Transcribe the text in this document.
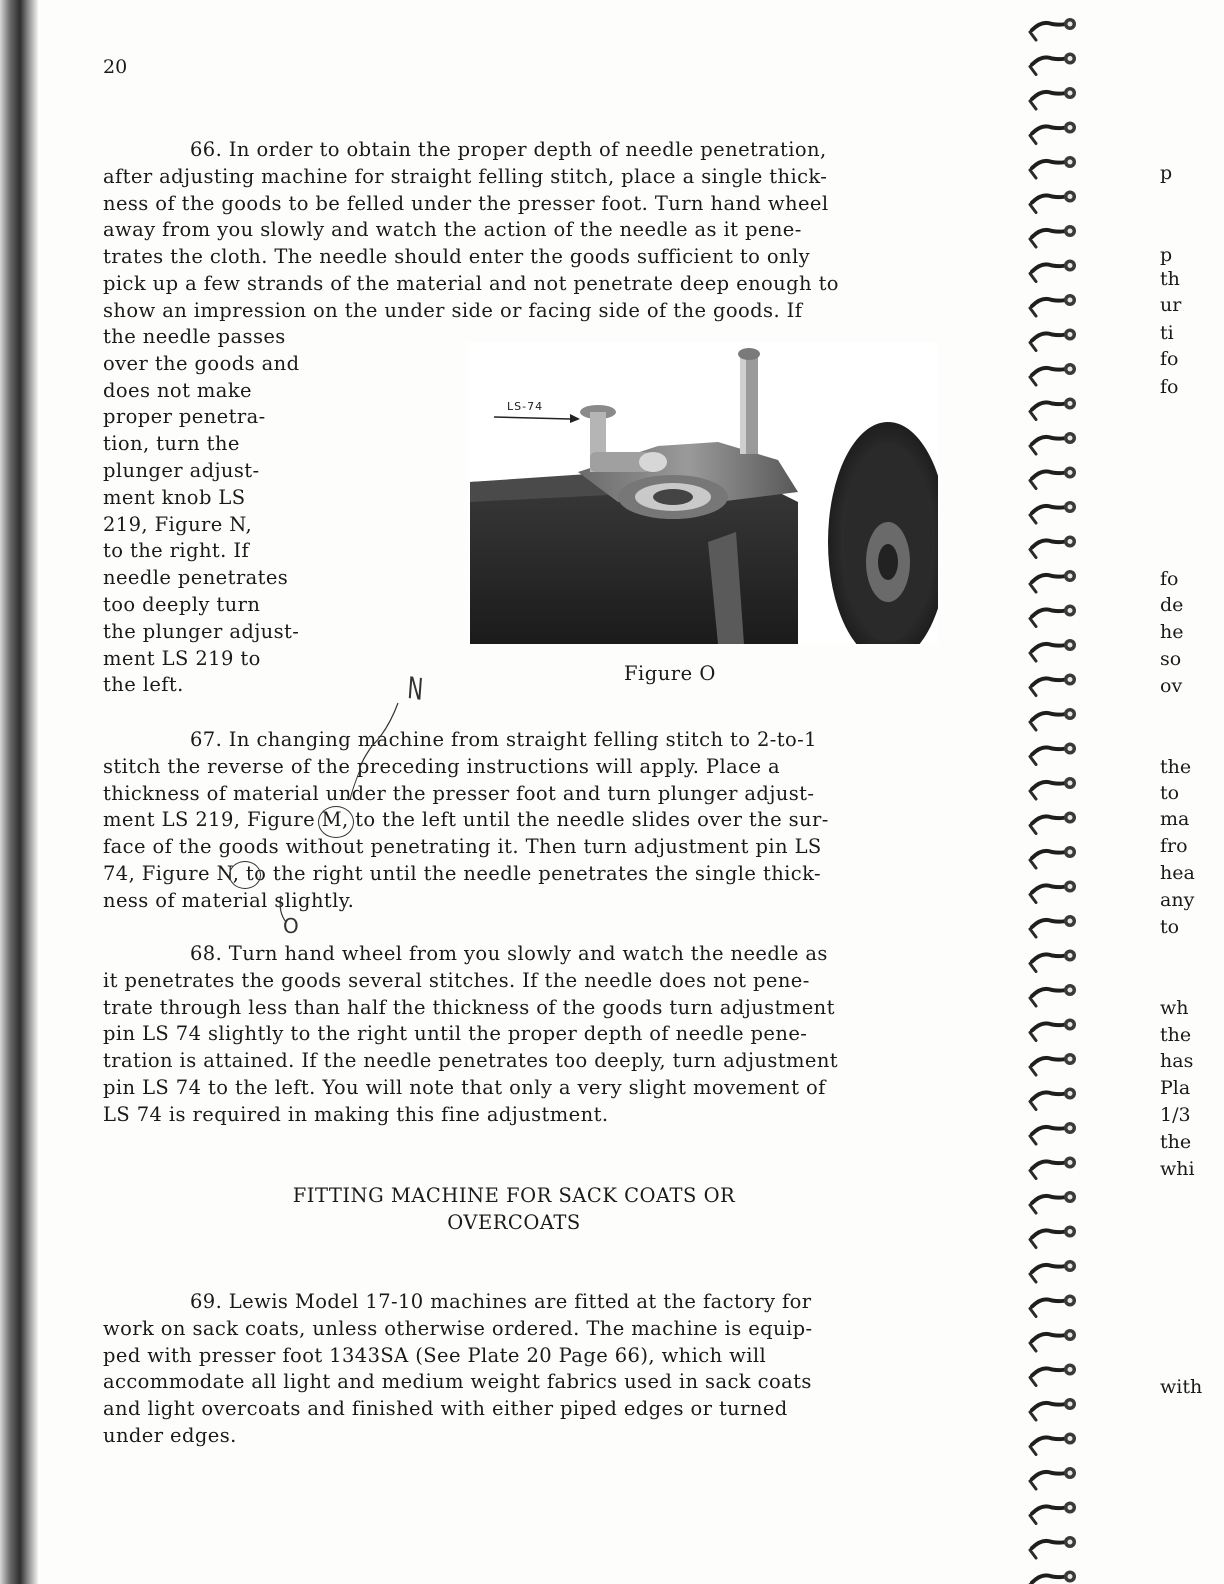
20
66. In order to obtain the proper depth of needle penetration,
after adjusting machine for straight felling stitch, place a single thick-
ness of the goods to be felled under the presser foot. Turn hand wheel
away from you slowly and watch the action of the needle as it pene-
trates the cloth. The needle should enter the goods sufficient to only
pick up a few strands of the material and not penetrate deep enough to
show an impression on the under side or facing side of the goods. If
the needle passes
over the goods and
does not make
proper penetra-
tion, turn the
plunger adjust-
ment knob LS
219, Figure N,
to the right. If
needle penetrates
too deeply turn
the plunger adjust-
ment LS 219 to
the left.
LS-74
Figure O
67. In changing machine from straight felling stitch to 2-to-1
stitch the reverse of the preceding instructions will apply. Place a
thickness of material under the presser foot and turn plunger adjust-
ment LS 219, Figure M, to the left until the needle slides over the sur-
face of the goods without penetrating it. Then turn adjustment pin LS
74, Figure N, to the right until the needle penetrates the single thick-
ness of material slightly.
N
O
68. Turn hand wheel from you slowly and watch the needle as
it penetrates the goods several stitches. If the needle does not pene-
trate through less than half the thickness of the goods turn adjustment
pin LS 74 slightly to the right until the proper depth of needle pene-
tration is attained. If the needle penetrates too deeply, turn adjustment
pin LS 74 to the left. You will note that only a very slight movement of
LS 74 is required in making this fine adjustment.
FITTING MACHINE FOR SACK COATS OR
OVERCOATS
69. Lewis Model 17-10 machines are fitted at the factory for
work on sack coats, unless otherwise ordered. The machine is equip-
ped with presser foot 1343SA (See Plate 20 Page 66), which will
accommodate all light and medium weight fabrics used in sack coats
and light overcoats and finished with either piped edges or turned
under edges.
p
p
th
ur
ti
fo
fo
fo
de
he
so
ov
the
to
ma
fro
hea
any
to
wh
the
has
Pla
1/3
the
whi
with
